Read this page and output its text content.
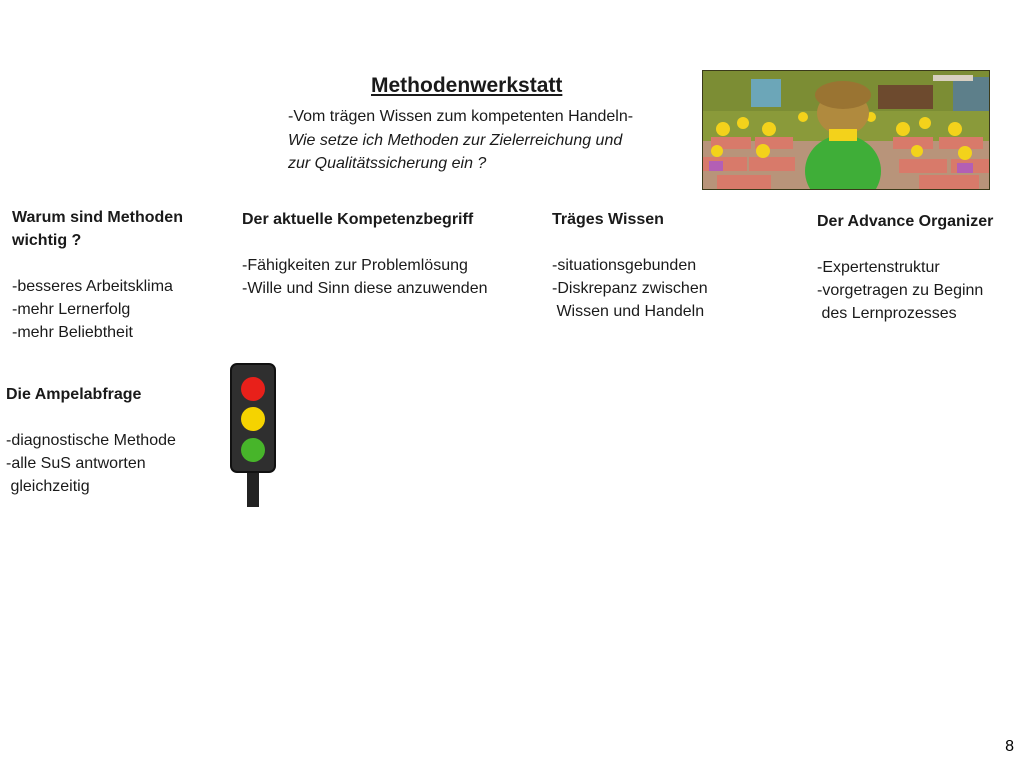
Methodenwerkstatt
-Vom trägen Wissen zum kompetenten Handeln-
Wie setze ich Methoden zur Zielerreichung und
zur Qualitätssicherung ein ?
Warum sind Methoden
wichtig ?
-besseres Arbeitsklima
-mehr Lernerfolg
-mehr Beliebtheit
Der aktuelle Kompetenzbegriff
-Fähigkeiten zur Problemlösung
-Wille und Sinn diese anzuwenden
Träges Wissen
-situationsgebunden
-Diskrepanz zwischen
Wissen und Handeln
Der Advance Organizer
-Expertenstruktur
-vorgetragen zu Beginn
des Lernprozesses
Die Ampelabfrage
-diagnostische Methode
-alle SuS antworten
gleichzeitig
8
